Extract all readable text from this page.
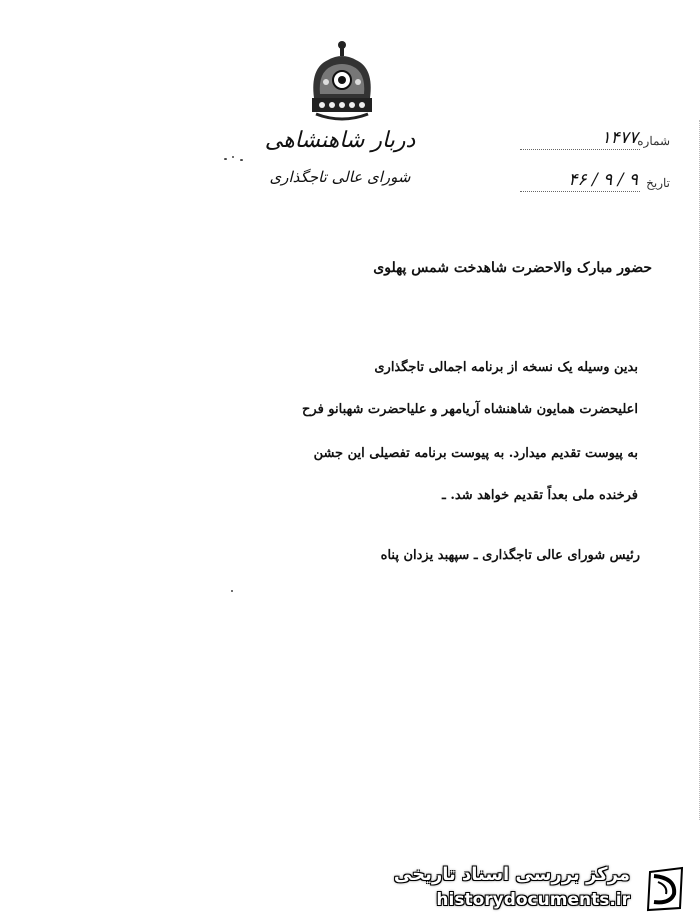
دربار شاهنشاهی
شورای عالی تاجگذاری
شماره
۱۴۷۷
تاریخ
۹ / ۹ / ۴۶
حضور مبارک والاحضرت شاهدخت شمس پهلوی
بدین وسیله یک نسخه از برنامه اجمالی تاجگذاری
اعلیحضرت همایون شاهنشاه آریامهر و علیاحضرت شهبانو فرح
به پیوست تقدیم میدارد. به پیوست برنامه تفصیلی این جشن
فرخنده ملی بعداً تقدیم خواهد شد. ـ
رئیس شورای عالی تاجگذاری ـ سپهبد یزدان پناه
مرکز بررسی اسناد تاریخی
historydocuments.ir
